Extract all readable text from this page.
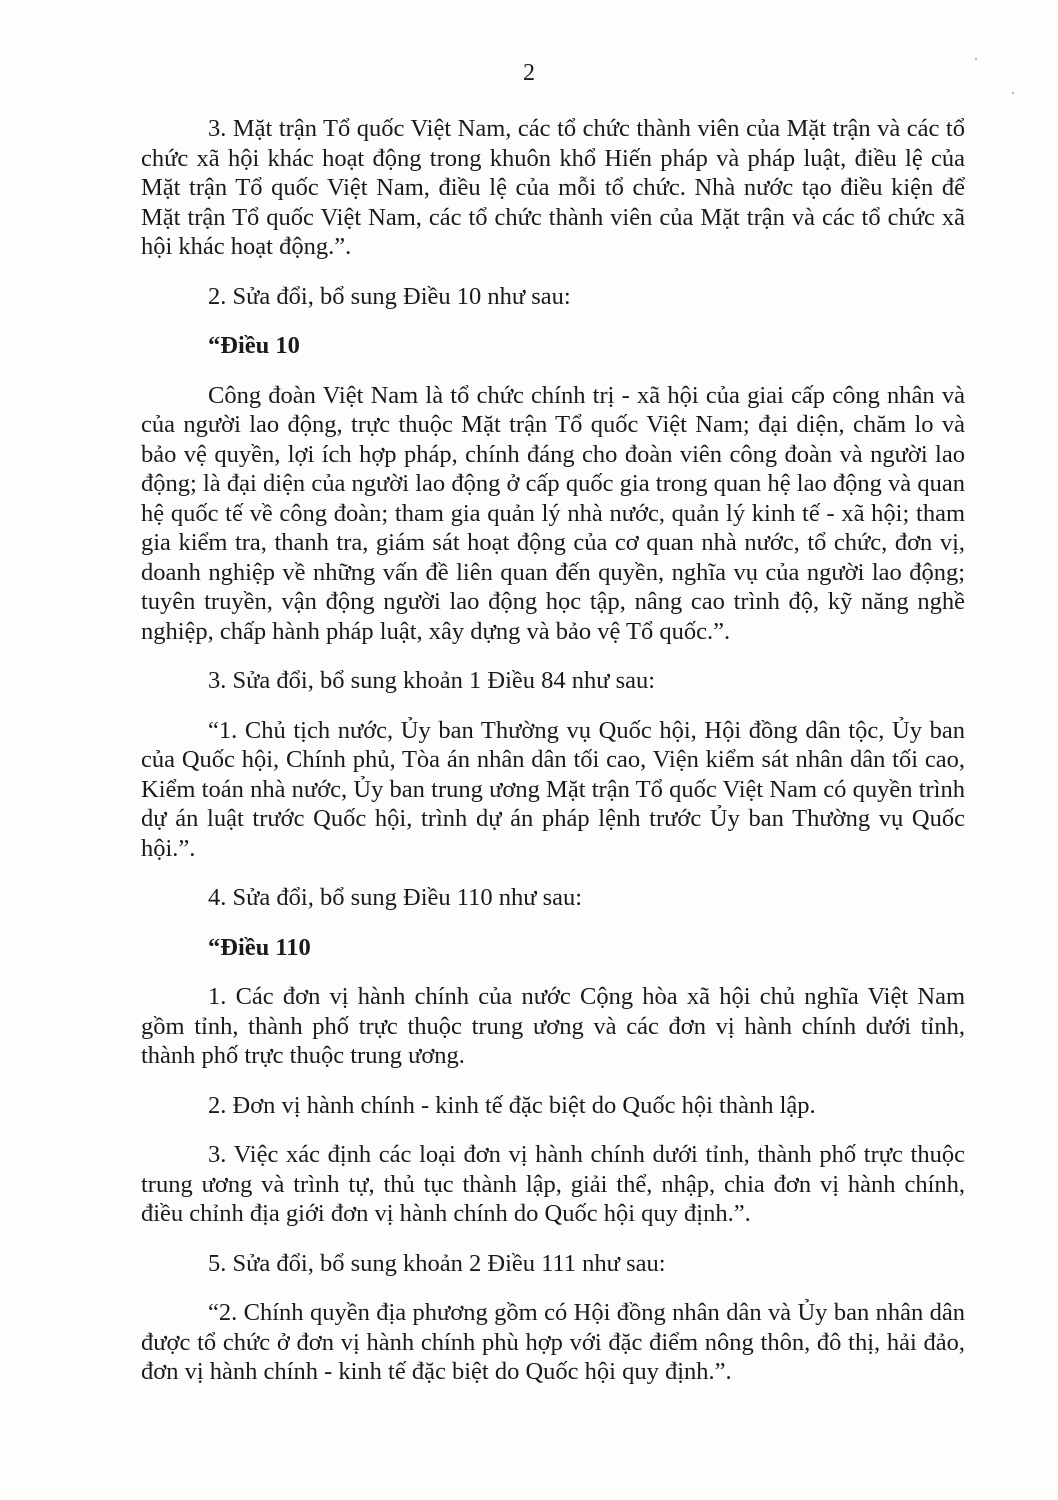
2

3. Mặt trận Tổ quốc Việt Nam, các tổ chức thành viên của Mặt trận và các tổ chức xã hội khác hoạt động trong khuôn khổ Hiến pháp và pháp luật, điều lệ của Mặt trận Tổ quốc Việt Nam, điều lệ của mỗi tổ chức. Nhà nước tạo điều kiện để Mặt trận Tổ quốc Việt Nam, các tổ chức thành viên của Mặt trận và các tổ chức xã hội khác hoạt động.”.

2. Sửa đổi, bổ sung Điều 10 như sau:

“Điều 10

Công đoàn Việt Nam là tổ chức chính trị - xã hội của giai cấp công nhân và của người lao động, trực thuộc Mặt trận Tổ quốc Việt Nam; đại diện, chăm lo và bảo vệ quyền, lợi ích hợp pháp, chính đáng cho đoàn viên công đoàn và người lao động; là đại diện của người lao động ở cấp quốc gia trong quan hệ lao động và quan hệ quốc tế về công đoàn; tham gia quản lý nhà nước, quản lý kinh tế - xã hội; tham gia kiểm tra, thanh tra, giám sát hoạt động của cơ quan nhà nước, tổ chức, đơn vị, doanh nghiệp về những vấn đề liên quan đến quyền, nghĩa vụ của người lao động; tuyên truyền, vận động người lao động học tập, nâng cao trình độ, kỹ năng nghề nghiệp, chấp hành pháp luật, xây dựng và bảo vệ Tổ quốc.”.

3. Sửa đổi, bổ sung khoản 1 Điều 84 như sau:

“1. Chủ tịch nước, Ủy ban Thường vụ Quốc hội, Hội đồng dân tộc, Ủy ban của Quốc hội, Chính phủ, Tòa án nhân dân tối cao, Viện kiểm sát nhân dân tối cao, Kiểm toán nhà nước, Ủy ban trung ương Mặt trận Tổ quốc Việt Nam có quyền trình dự án luật trước Quốc hội, trình dự án pháp lệnh trước Ủy ban Thường vụ Quốc hội.”.

4. Sửa đổi, bổ sung Điều 110 như sau:

“Điều 110

1. Các đơn vị hành chính của nước Cộng hòa xã hội chủ nghĩa Việt Nam gồm tỉnh, thành phố trực thuộc trung ương và các đơn vị hành chính dưới tỉnh, thành phố trực thuộc trung ương.

2. Đơn vị hành chính - kinh tế đặc biệt do Quốc hội thành lập.

3. Việc xác định các loại đơn vị hành chính dưới tỉnh, thành phố trực thuộc trung ương và trình tự, thủ tục thành lập, giải thể, nhập, chia đơn vị hành chính, điều chỉnh địa giới đơn vị hành chính do Quốc hội quy định.”.

5. Sửa đổi, bổ sung khoản 2 Điều 111 như sau:

“2. Chính quyền địa phương gồm có Hội đồng nhân dân và Ủy ban nhân dân được tổ chức ở đơn vị hành chính phù hợp với đặc điểm nông thôn, đô thị, hải đảo, đơn vị hành chính - kinh tế đặc biệt do Quốc hội quy định.”.
